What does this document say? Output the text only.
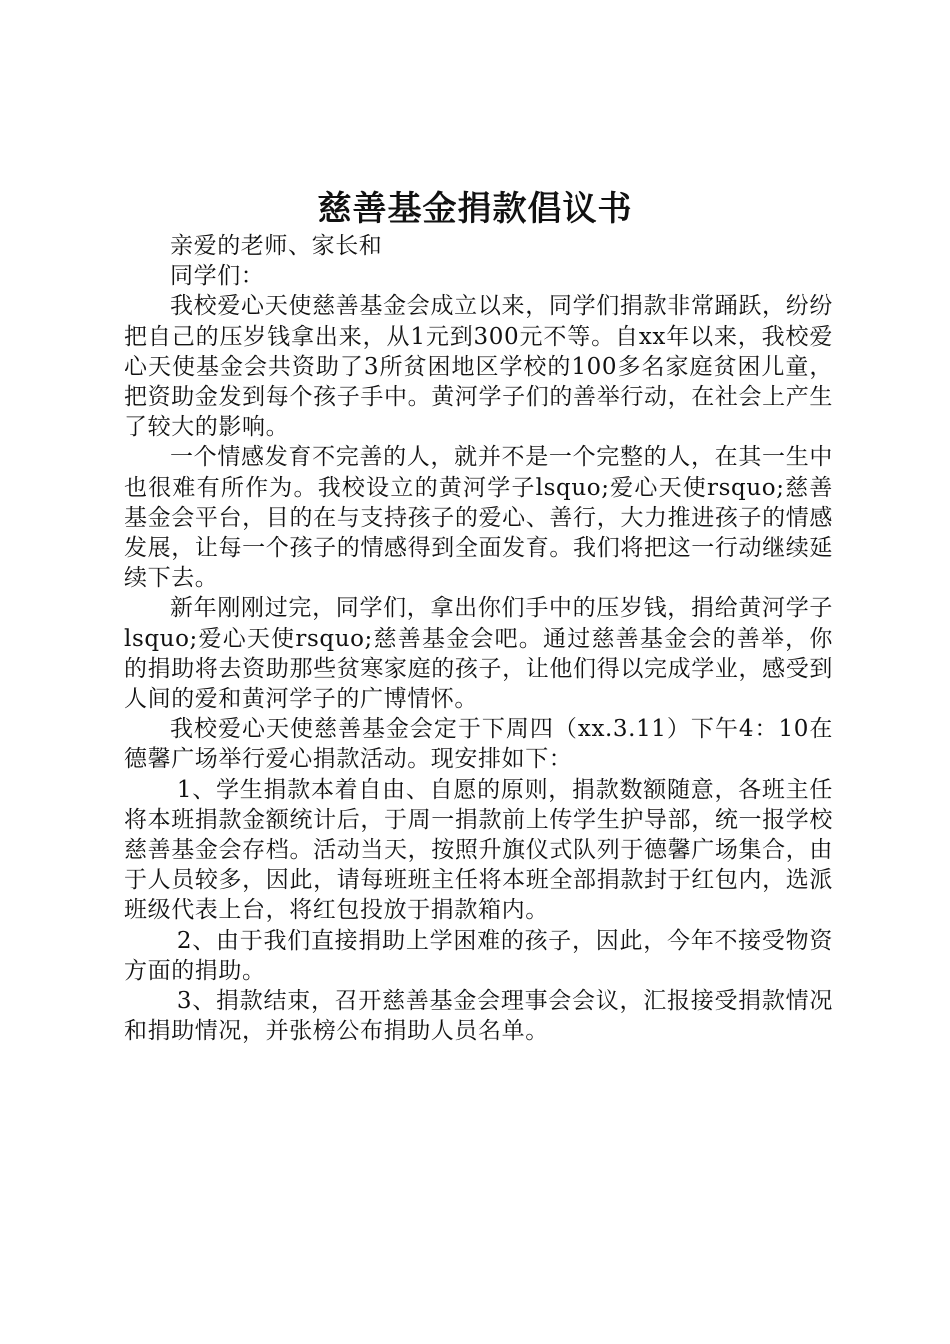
慈善基金捐款倡议书

亲爱的老师、家长和

同学们：

我校爱心天使慈善基金会成立以来，同学们捐款非常踊跃，纷纷把自己的压岁钱拿出来，从1元到300元不等。自xx年以来，我校爱心天使基金会共资助了3所贫困地区学校的100多名家庭贫困儿童，把资助金发到每个孩子手中。黄河学子们的善举行动，在社会上产生了较大的影响。

一个情感发育不完善的人，就并不是一个完整的人，在其一生中也很难有所作为。我校设立的黄河学子lsquo;爱心天使rsquo;慈善基金会平台，目的在与支持孩子的爱心、善行，大力推进孩子的情感发展，让每一个孩子的情感得到全面发育。我们将把这一行动继续延续下去。

新年刚刚过完，同学们，拿出你们手中的压岁钱，捐给黄河学子lsquo;爱心天使rsquo;慈善基金会吧。通过慈善基金会的善举，你的捐助将去资助那些贫寒家庭的孩子，让他们得以完成学业，感受到人间的爱和黄河学子的广博情怀。

我校爱心天使慈善基金会定于下周四（xx.3.11）下午4：10在德馨广场举行爱心捐款活动。现安排如下：

1、学生捐款本着自由、自愿的原则，捐款数额随意，各班主任将本班捐款金额统计后，于周一捐款前上传学生护导部，统一报学校慈善基金会存档。活动当天，按照升旗仪式队列于德馨广场集合，由于人员较多，因此，请每班班主任将本班全部捐款封于红包内，选派班级代表上台，将红包投放于捐款箱内。

2、由于我们直接捐助上学困难的孩子，因此，今年不接受物资方面的捐助。

3、捐款结束，召开慈善基金会理事会会议，汇报接受捐款情况和捐助情况，并张榜公布捐助人员名单。
